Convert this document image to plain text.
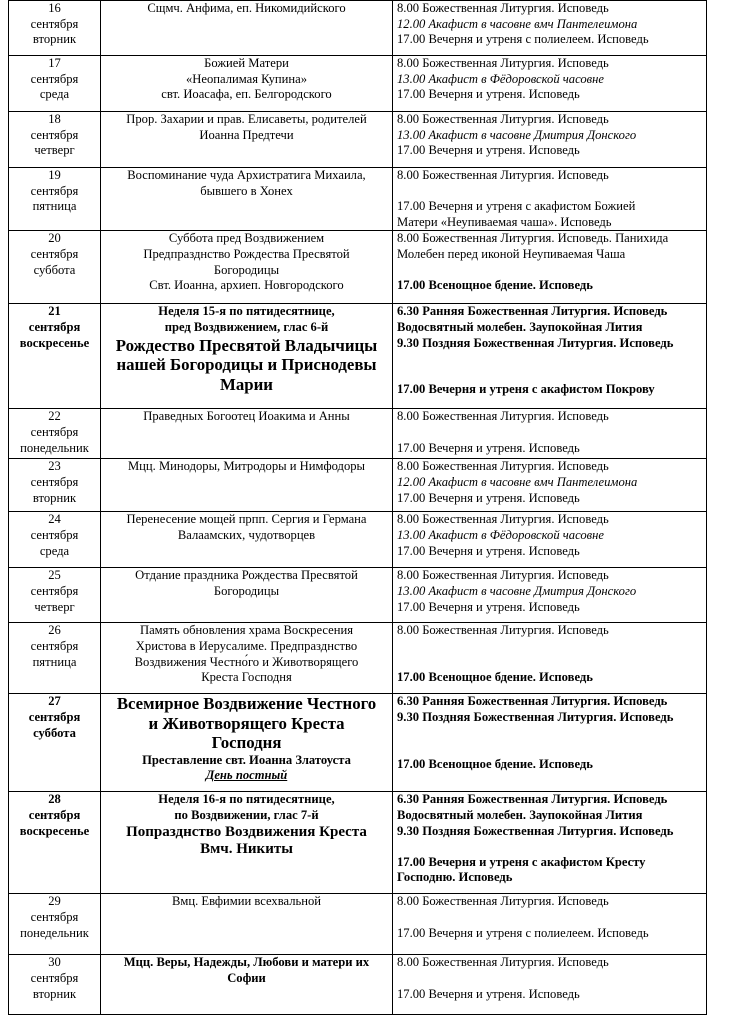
16
сентября
вторник	Сщмч. Анфима, еп. Никомидийского	8.00 Божественная Литургия. Исповедь
12.00 Акафист в часовне вмч Пантелеимона
17.00 Вечерня и утреня с полиелеем. Исповедь

17
сентября
среда	Божией Матери
«Неопалимая Купина»
свт. Иоасафа, еп. Белгородского	8.00 Божественная Литургия. Исповедь
13.00 Акафист в Фёдоровской часовне
17.00 Вечерня и утреня. Исповедь

18
сентября
четверг	Прор. Захарии и прав. Елисаветы, родителей
Иоанна Предтечи	8.00 Божественная Литургия. Исповедь
13.00 Акафист в часовне Дмитрия Донского
17.00 Вечерня и утреня. Исповедь

19
сентября
пятница	Воспоминание чуда Архистратига Михаила,
бывшего в Хонех	8.00 Божественная Литургия. Исповедь
17.00 Вечерня и утреня с акафистом Божией
Матери «Неупиваемая чаша». Исповедь

20
сентября
суббота	Суббота пред Воздвижением
Предпразднство Рождества Пресвятой
Богородицы
Свт. Иоанна, архиеп. Новгородского	8.00 Божественная Литургия. Исповедь. Панихида
Молебен перед иконой Неупиваемая Чаша
17.00 Всенощное бдение. Исповедь

21
сентября
воскресенье	Неделя 15-я по пятидесятнице,
пред Воздвижением, глас 6-й
Рождество Пресвятой Владычицы
нашей Богородицы и Приснодевы
Марии	6.30 Ранняя Божественная Литургия. Исповедь
Водосвятный молебен. Заупокойная Лития
9.30 Поздняя Божественная Литургия. Исповедь
17.00 Вечерня и утреня с акафистом Покрову

22
сентября
понедельник	Праведных Богоотец Иоакима и Анны	8.00 Божественная Литургия. Исповедь
17.00 Вечерня и утреня. Исповедь

23
сентября
вторник	Мцц. Минодоры, Митродоры и Нимфодоры	8.00 Божественная Литургия. Исповедь
12.00 Акафист в часовне вмч Пантелеимона
17.00 Вечерня и утреня. Исповедь

24
сентября
среда	Перенесение мощей прпп. Сергия и Германа
Валаамских, чудотворцев	8.00 Божественная Литургия. Исповедь
13.00 Акафист в Фёдоровской часовне
17.00 Вечерня и утреня. Исповедь

25
сентября
четверг	Отдание праздника Рождества Пресвятой
Богородицы	8.00 Божественная Литургия. Исповедь
13.00 Акафист в часовне Дмитрия Донского
17.00 Вечерня и утреня. Исповедь

26
сентября
пятница	Память обновления храма Воскресения
Христова в Иерусалиме. Предпразднство
Воздвижения Честно́го и Животворящего
Креста Господня	8.00 Божественная Литургия. Исповедь
17.00 Всенощное бдение. Исповедь

27
сентября
суббота	Всемирное Воздвижение Честного
и Животворящего Креста
Господня
Преставление свт. Иоанна Златоуста
День постный	6.30 Ранняя Божественная Литургия. Исповедь
9.30 Поздняя Божественная Литургия. Исповедь
17.00 Всенощное бдение. Исповедь

28
сентября
воскресенье	Неделя 16-я по пятидесятнице,
по Воздвижении, глас 7-й
Попразднство Воздвижения Креста
Вмч. Никиты	6.30 Ранняя Божественная Литургия. Исповедь
Водосвятный молебен. Заупокойная Лития
9.30 Поздняя Божественная Литургия. Исповедь
17.00 Вечерня и утреня с акафистом Кресту
Господню. Исповедь

29
сентября
понедельник	Вмц. Евфимии всехвальной	8.00 Божественная Литургия. Исповедь
17.00 Вечерня и утреня с полиелеем. Исповедь

30
сентября
вторник	Мцц. Веры, Надежды, Любови и матери их
Софии	8.00 Божественная Литургия. Исповедь
17.00 Вечерня и утреня. Исповедь
